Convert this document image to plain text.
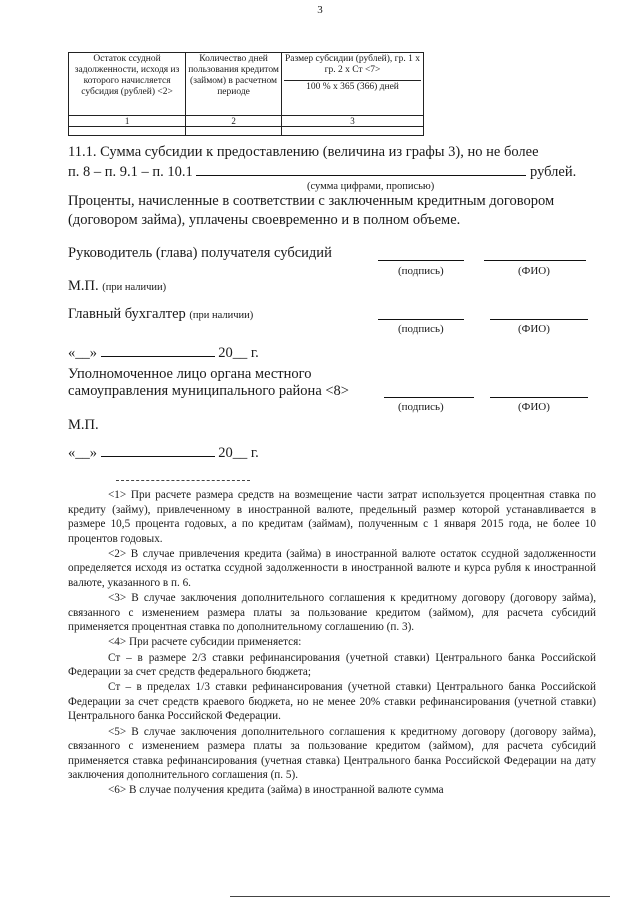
3
Остаток ссудной задолженности, исходя из которого начисляется субсидия (рублей) <2>	Количество дней пользования кредитом (займом) в расчетном периоде	Размер субсидии (рублей), гр. 1 x гр. 2 x Ст <7>
100 % x 365 (366) дней

1	2	3

11.1. Сумма субсидии к предоставлению (величина из графы 3), но не более
п. 8 – п. 9.1 – п. 10.1	рублей.
(сумма цифрами, прописью)
Проценты, начисленные в соответствии с заключенным кредитным договором
(договором займа), уплачены своевременно и в полном объеме.
Руководитель (глава) получателя субсидий
(подпись)	(ФИО)
М.П. (при наличии)
Главный бухгалтер (при наличии)
(подпись)	(ФИО)
«__»	20__ г.
Уполномоченное лицо органа местного
самоуправления муниципального района <8>
(подпись)	(ФИО)
М.П.
«__»	20__ г.

<1> При расчете размера средств на возмещение части затрат используется процентная ставка по кредиту (займу), привлеченному в иностранной валюте, предельный размер которой устанавливается в размере 10,5 процента годовых, а по кредитам (займам), полученным с 1 января 2015 года, не более 10 процентов годовых.

<2> В случае привлечения кредита (займа) в иностранной валюте остаток ссудной задолженности определяется исходя из остатка ссудной задолженности в иностранной валюте и курса рубля к иностранной валюте, указанного в п. 6.

<3> В случае заключения дополнительного соглашения к кредитному договору (договору займа), связанного с изменением размера платы за пользование кредитом (займом), для расчета субсидий применяется процентная ставка по дополнительному соглашению (п. 3).

<4> При расчете субсидии применяется:

Ст – в размере 2/3 ставки рефинансирования (учетной ставки) Центрального банка Российской Федерации за счет средств федерального бюджета;

Ст – в пределах 1/3 ставки рефинансирования (учетной ставки) Центрального банка Российской Федерации за счет средств краевого бюджета, но не менее 20% ставки рефинансирования (учетной ставки) Центрального банка Российской Федерации.

<5> В случае заключения дополнительного соглашения к кредитному договору (договору займа), связанного с изменением размера платы за пользование кредитом (займом), для расчета субсидий применяется ставка рефинансирования (учетная ставка) Центрального банка Российской Федерации на дату заключения дополнительного соглашения (п. 5).

<6> В случае получения кредита (займа) в иностранной валюте сумма
